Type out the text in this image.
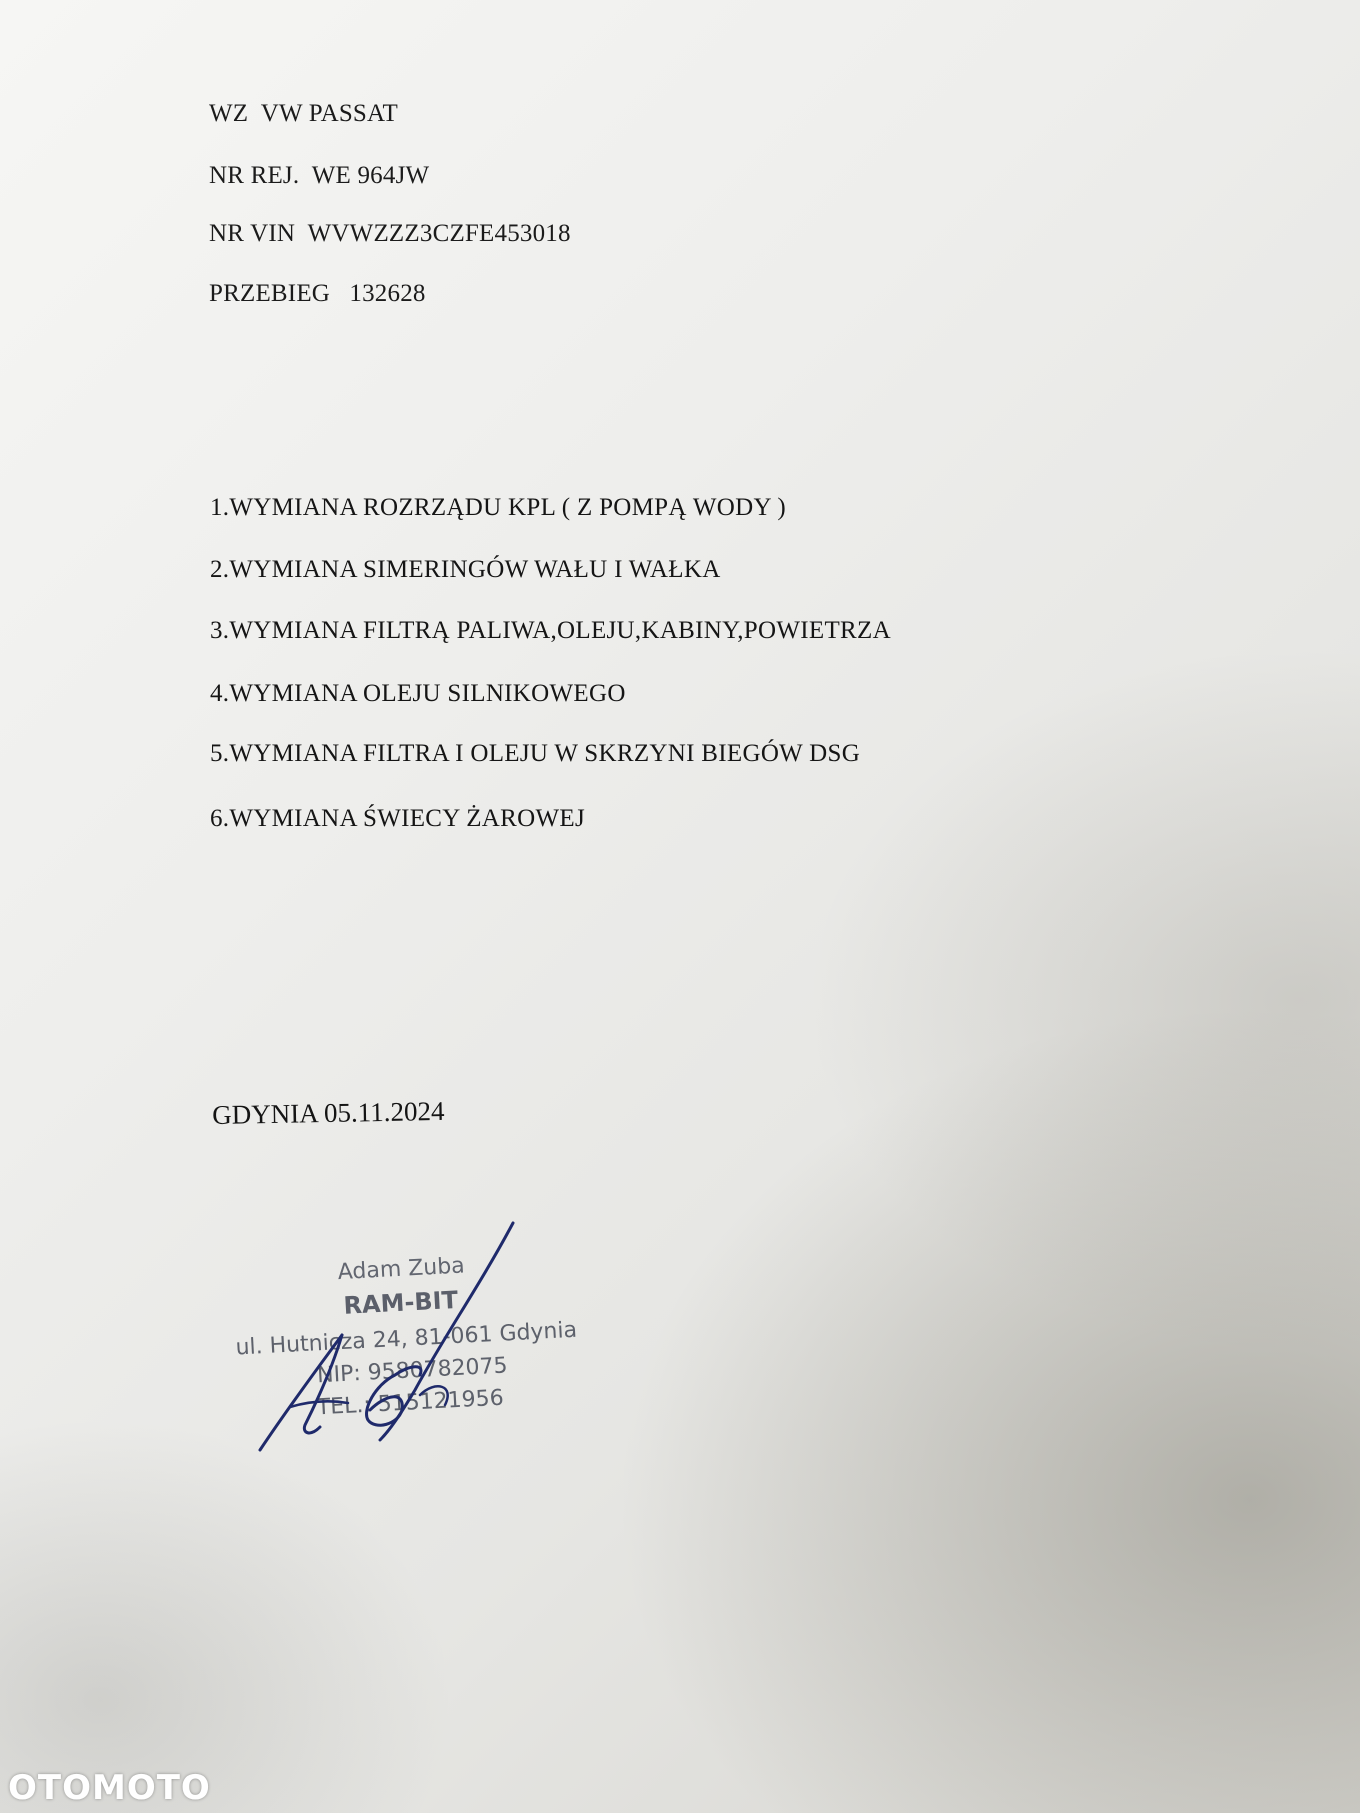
WZ  VW PASSAT
NR REJ.  WE 964JW
NR VIN  WVWZZZ3CZFE453018
PRZEBIEG   132628
1.WYMIANA ROZRZĄDU KPL ( Z POMPĄ WODY )
2.WYMIANA SIMERINGÓW WAŁU I WAŁKA
3.WYMIANA FILTRĄ PALIWA,OLEJU,KABINY,POWIETRZA
4.WYMIANA OLEJU SILNIKOWEGO
5.WYMIANA FILTRA I OLEJU W SKRZYNI BIEGÓW DSG
6.WYMIANA ŚWIECY ŻAROWEJ
GDYNIA 05.11.2024
Adam Zuba
RAM-BIT
ul. Hutnicza 24, 81-061 Gdynia
NIP: 9580782075
TEL.: 515121956
OTOMOTO
